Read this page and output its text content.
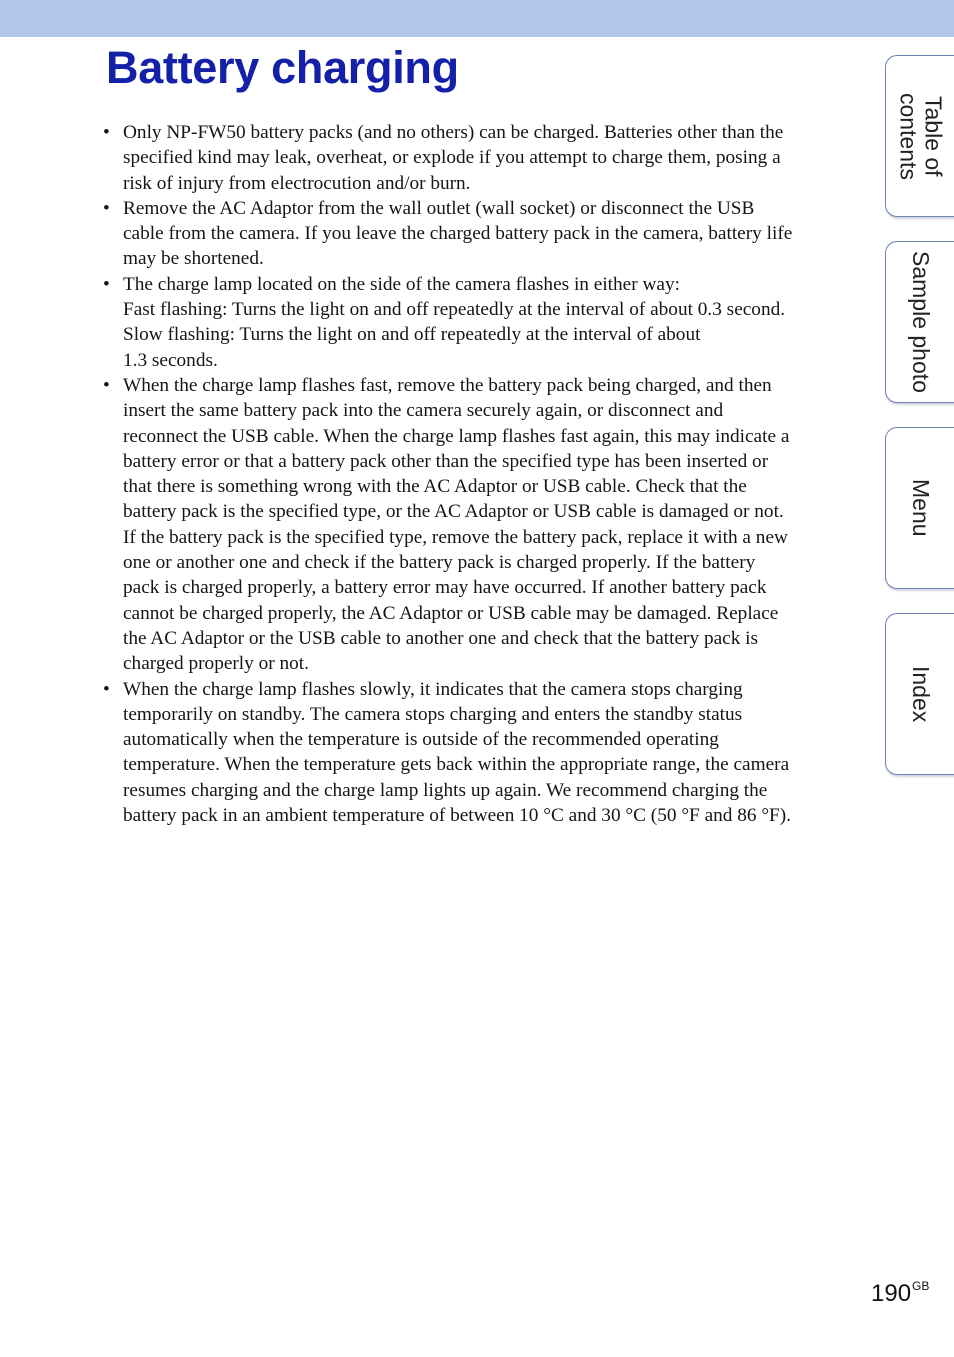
Battery charging
• Only NP-FW50 battery packs (and no others) can be charged. Batteries other than the
specified kind may leak, overheat, or explode if you attempt to charge them, posing a
risk of injury from electrocution and/or burn.
• Remove the AC Adaptor from the wall outlet (wall socket) or disconnect the USB
cable from the camera. If you leave the charged battery pack in the camera, battery life
may be shortened.
• The charge lamp located on the side of the camera flashes in either way:
Fast flashing: Turns the light on and off repeatedly at the interval of about 0.3 second.
Slow flashing: Turns the light on and off repeatedly at the interval of about
1.3 seconds.
• When the charge lamp flashes fast, remove the battery pack being charged, and then
insert the same battery pack into the camera securely again, or disconnect and
reconnect the USB cable. When the charge lamp flashes fast again, this may indicate a
battery error or that a battery pack other than the specified type has been inserted or
that there is something wrong with the AC Adaptor or USB cable. Check that the
battery pack is the specified type, or the AC Adaptor or USB cable is damaged or not.
If the battery pack is the specified type, remove the battery pack, replace it with a new
one or another one and check if the battery pack is charged properly. If the battery
pack is charged properly, a battery error may have occurred. If another battery pack
cannot be charged properly, the AC Adaptor or USB cable may be damaged. Replace
the AC Adaptor or the USB cable to another one and check that the battery pack is
charged properly or not.
• When the charge lamp flashes slowly, it indicates that the camera stops charging
temporarily on standby. The camera stops charging and enters the standby status
automatically when the temperature is outside of the recommended operating
temperature. When the temperature gets back within the appropriate range, the camera
resumes charging and the charge lamp lights up again. We recommend charging the
battery pack in an ambient temperature of between 10 °C and 30 °C (50 °F and 86 °F).
Table of
contents
Sample photo
Menu
Index
$190^{GB}$
